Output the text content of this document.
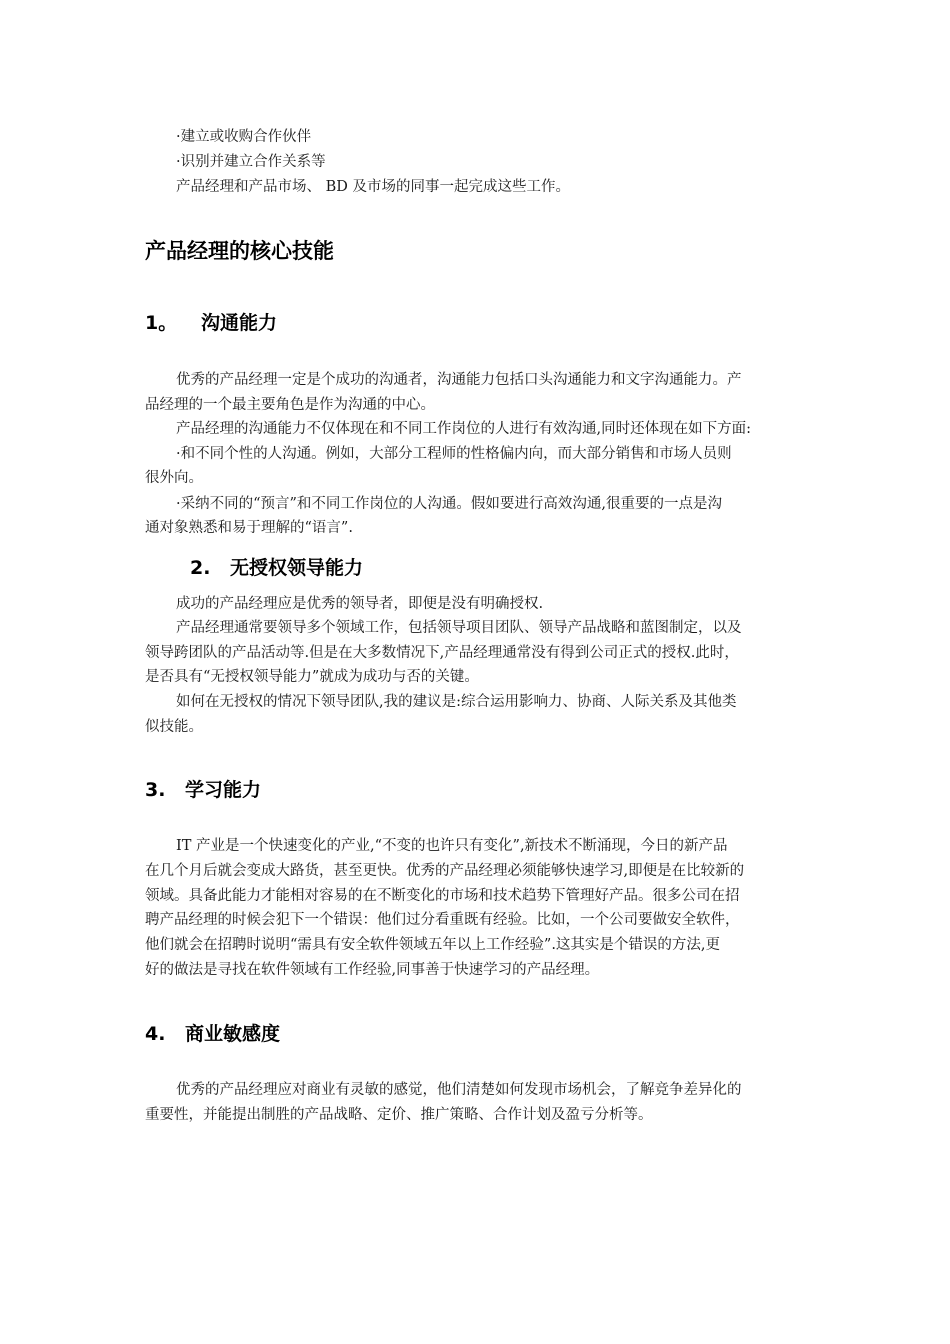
·建立或收购合作伙伴
·识别并建立合作关系等
产品经理和产品市场、 BD 及市场的同事一起完成这些工作。
产品经理的核心技能
1。 沟通能力
优秀的产品经理一定是个成功的沟通者，沟通能力包括口头沟通能力和文字沟通能力。产
品经理的一个最主要角色是作为沟通的中心。
产品经理的沟通能力不仅体现在和不同工作岗位的人进行有效沟通,同时还体现在如下方面:
·和不同个性的人沟通。例如，大部分工程师的性格偏内向，而大部分销售和市场人员则
很外向。
·采纳不同的“预言”和不同工作岗位的人沟通。假如要进行高效沟通,很重要的一点是沟
通对象熟悉和易于理解的“语言”.
2. 无授权领导能力
成功的产品经理应是优秀的领导者，即便是没有明确授权.
产品经理通常要领导多个领域工作，包括领导项目团队、领导产品战略和蓝图制定，以及
领导跨团队的产品活动等.但是在大多数情况下,产品经理通常没有得到公司正式的授权.此时，
是否具有“无授权领导能力”就成为成功与否的关键。
如何在无授权的情况下领导团队,我的建议是:综合运用影响力、协商、人际关系及其他类
似技能。
3. 学习能力
IT 产业是一个快速变化的产业,“不变的也许只有变化”,新技术不断涌现，今日的新产品
在几个月后就会变成大路货，甚至更快。优秀的产品经理必须能够快速学习,即便是在比较新的
领域。具备此能力才能相对容易的在不断变化的市场和技术趋势下管理好产品。很多公司在招
聘产品经理的时候会犯下一个错误：他们过分看重既有经验。比如，一个公司要做安全软件，
他们就会在招聘时说明“需具有安全软件领域五年以上工作经验”.这其实是个错误的方法,更
好的做法是寻找在软件领域有工作经验,同事善于快速学习的产品经理。
4. 商业敏感度
优秀的产品经理应对商业有灵敏的感觉，他们清楚如何发现市场机会，了解竞争差异化的
重要性，并能提出制胜的产品战略、定价、推广策略、合作计划及盈亏分析等。
